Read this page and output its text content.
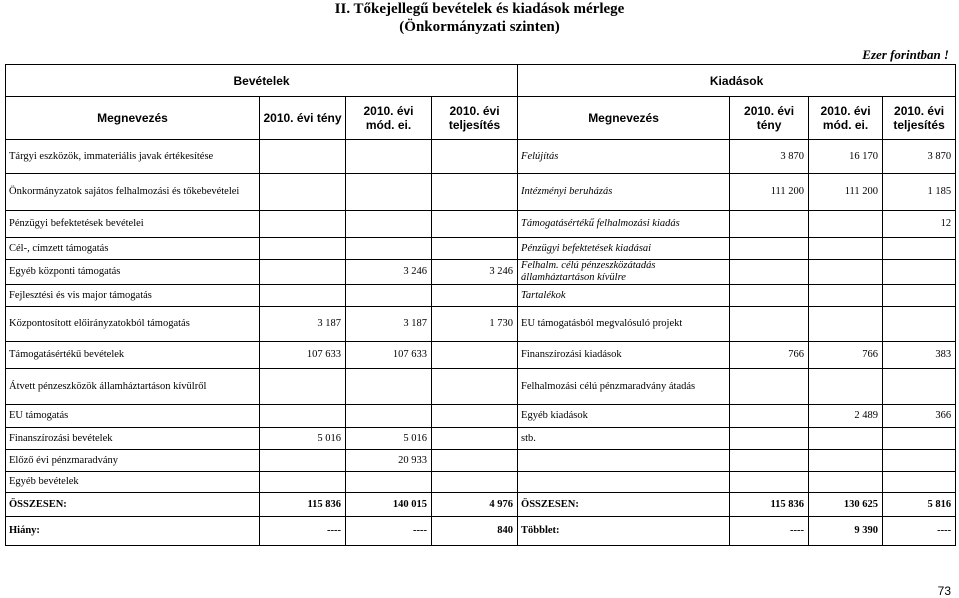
II. Tőkejellegű bevételek és kiadások mérlege
(Önkormányzati szinten)
Ezer forintban !
Bevételek				Kiadások			
Megnevezés	2010. évi tény	2010. évi mód. ei.	2010. évi teljesítés	Megnevezés	2010. évi tény	2010. évi mód. ei.	2010. évi teljesítés
Tárgyi eszközök, immateriális javak értékesítése				Felújítás	3 870	16 170	3 870
Önkormányzatok sajátos felhalmozási és tőkebevételei				Intézményi beruházás	111 200	111 200	1 185
Pénzügyi befektetések bevételei				Támogatásértékű felhalmozási kiadás			12
Cél-, címzett támogatás				Pénzügyi befektetések kiadásai			
Egyéb központi támogatás		3 246	3 246	Felhalm. célú pénzeszközátadás államháztartáson kívülre			
Fejlesztési és vis major támogatás				Tartalékok			
Központosított előirányzatokból támogatás	3 187	3 187	1 730	EU támogatásból megvalósuló projekt			
Támogatásértékű bevételek	107 633	107 633		Finanszírozási kiadások	766	766	383
Átvett pénzeszközök államháztartáson kívülről				Felhalmozási célú pénzmaradvány átadás			
EU támogatás				Egyéb kiadások		2 489	366
Finanszírozási bevételek	5 016	5 016		stb.			
Előző évi pénzmaradvány		20 933					
Egyéb bevételek							
ÖSSZESEN:	115 836	140 015	4 976	ÖSSZESEN:	115 836	130 625	5 816
Hiány:	----	----	840	Többlet:	----	9 390	----
73
